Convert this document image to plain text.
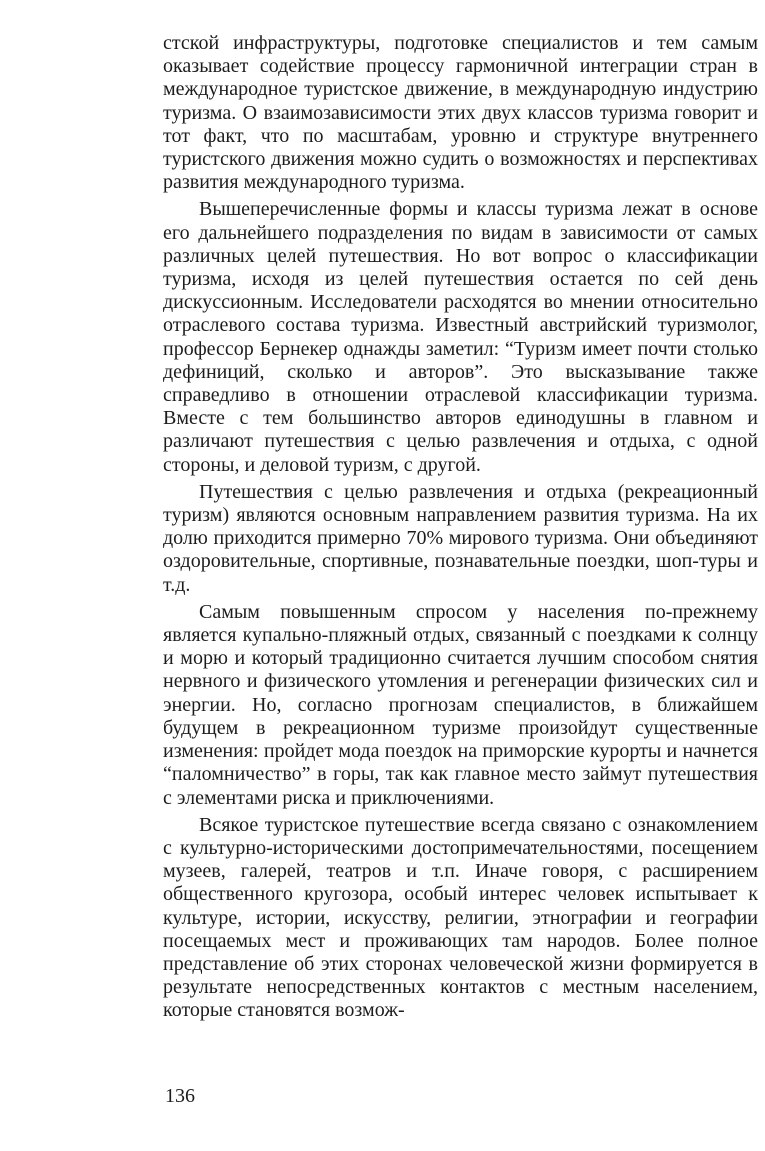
стской инфраструктуры, подготовке специалистов и тем самым оказывает содействие процессу гармоничной интеграции стран в международное туристское движение, в международную индустрию туризма. О взаимозависимости этих двух классов туризма говорит и тот факт, что по масштабам, уровню и структуре внутреннего туристского движения можно судить о возможностях и перспективах развития международного туризма.

Вышеперечисленные формы и классы туризма лежат в основе его дальнейшего подразделения по видам в зависимости от самых различных целей путешествия. Но вот вопрос о классификации туризма, исходя из целей путешествия остается по сей день дискуссионным. Исследователи расходятся во мнении относительно отраслевого состава туризма. Известный австрийский туризмолог, профессор Бернекер однажды заметил: “Туризм имеет почти столько дефиниций, сколько и авторов”. Это высказывание также справедливо в отношении отраслевой классификации туризма. Вместе с тем большинство авторов единодушны в главном и различают путешествия с целью развлечения и отдыха, с одной стороны, и деловой туризм, с другой.

Путешествия с целью развлечения и отдыха (рекреационный туризм) являются основным направлением развития туризма. На их долю приходится примерно 70% мирового туризма. Они объединяют оздоровительные, спортивные, познавательные поездки, шоп-туры и т.д.

Самым повышенным спросом у населения по-прежнему является купально-пляжный отдых, связанный с поездками к солнцу и морю и который традиционно считается лучшим способом снятия нервного и физического утомления и регенерации физических сил и энергии. Но, согласно прогнозам специалистов, в ближайшем будущем в рекреационном туризме произойдут существенные изменения: пройдет мода поездок на приморские курорты и начнется “паломничество” в горы, так как главное место займут путешествия с элементами риска и приключениями.

Всякое туристское путешествие всегда связано с ознакомлением с культурно-историческими достопримечательностями, посещением музеев, галерей, театров и т.п. Иначе говоря, с расширением общественного кругозора, особый интерес человек испытывает к культуре, истории, искусству, религии, этнографии и географии посещаемых мест и проживающих там народов. Более полное представление об этих сторонах человеческой жизни формируется в результате непосредственных контактов с местным населением, которые становятся возмож-

136
